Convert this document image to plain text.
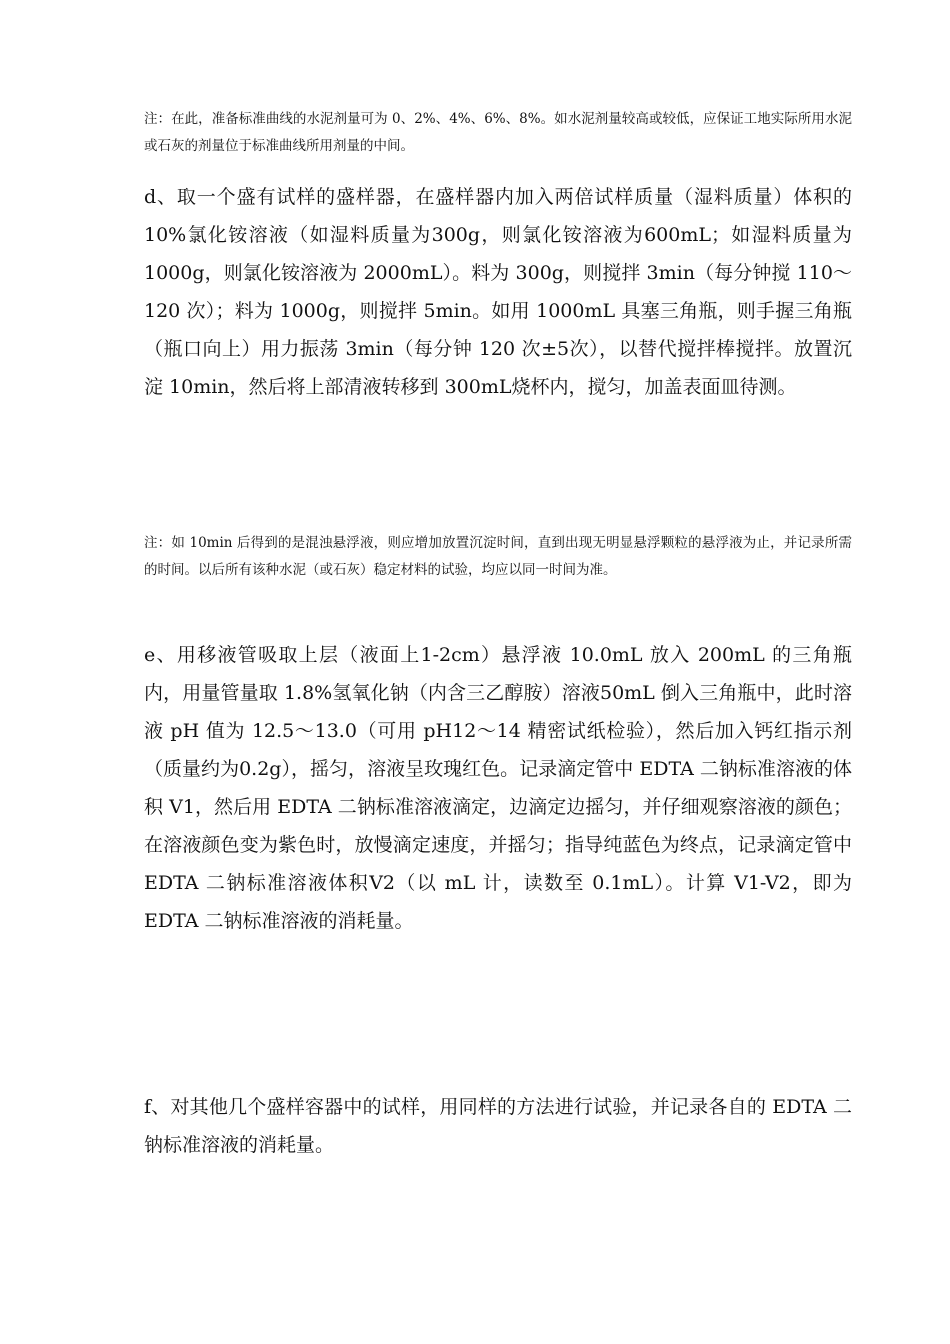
注：在此，准备标准曲线的水泥剂量可为 0、2%、4%、6%、8%。如水泥剂量较高或较低，应保证工地实际所用水泥或石灰的剂量位于标准曲线所用剂量的中间。

d、取一个盛有试样的盛样器，在盛样器内加入两倍试样质量（湿料质量）体积的 10%氯化铵溶液（如湿料质量为300g，则氯化铵溶液为600mL；如湿料质量为 1000g，则氯化铵溶液为 2000mL）。料为 300g，则搅拌 3min（每分钟搅 110～120 次）；料为 1000g，则搅拌 5min。如用 1000mL 具塞三角瓶，则手握三角瓶（瓶口向上）用力振荡 3min（每分钟 120 次±5次），以替代搅拌棒搅拌。放置沉淀 10min，然后将上部清液转移到 300mL烧杯内，搅匀，加盖表面皿待测。

注：如 10min 后得到的是混浊悬浮液，则应增加放置沉淀时间，直到出现无明显悬浮颗粒的悬浮液为止，并记录所需的时间。以后所有该种水泥（或石灰）稳定材料的试验，均应以同一时间为准。

e、用移液管吸取上层（液面上1-2cm）悬浮液 10.0mL 放入 200mL 的三角瓶内，用量管量取 1.8%氢氧化钠（内含三乙醇胺）溶液50mL 倒入三角瓶中，此时溶液 pH 值为 12.5～13.0（可用 pH12～14 精密试纸检验），然后加入钙红指示剂（质量约为0.2g），摇匀，溶液呈玫瑰红色。记录滴定管中 EDTA 二钠标准溶液的体积 V1，然后用 EDTA 二钠标准溶液滴定，边滴定边摇匀，并仔细观察溶液的颜色；在溶液颜色变为紫色时，放慢滴定速度，并摇匀；指导纯蓝色为终点，记录滴定管中EDTA 二钠标准溶液体积V2（以 mL 计，读数至 0.1mL）。计算 V1-V2，即为 EDTA 二钠标准溶液的消耗量。

f、对其他几个盛样容器中的试样，用同样的方法进行试验，并记录各自的 EDTA 二钠标准溶液的消耗量。
